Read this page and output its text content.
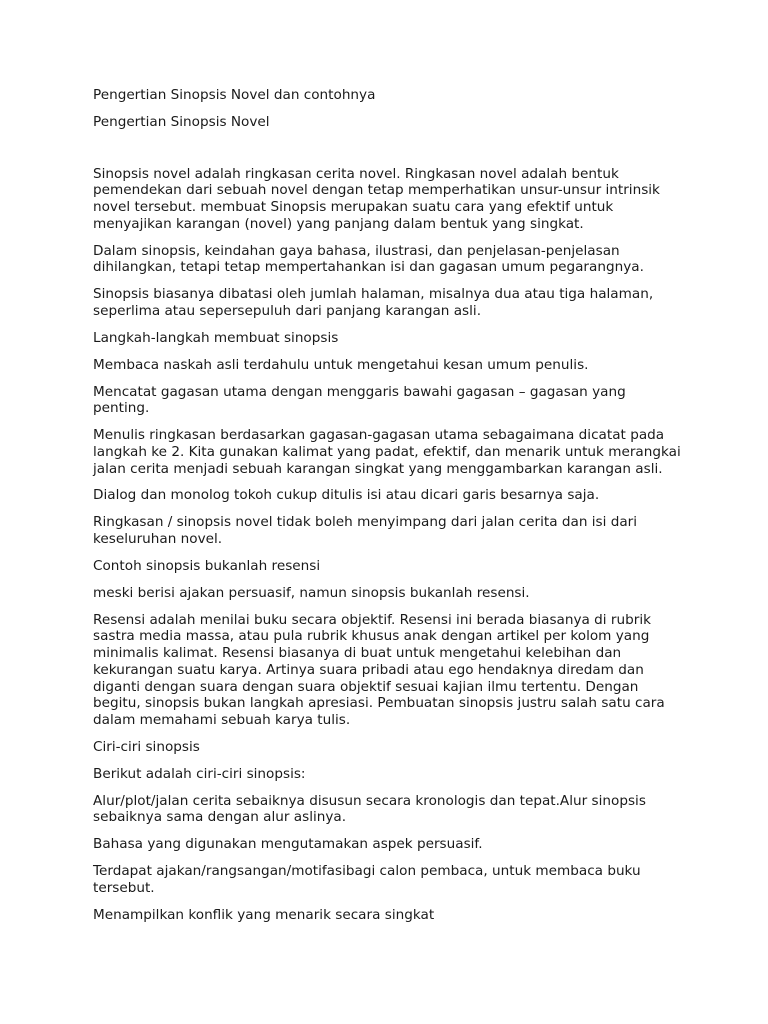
Pengertian Sinopsis Novel dan contohnya

Pengertian Sinopsis Novel

Sinopsis novel adalah ringkasan cerita novel. Ringkasan novel adalah bentuk pemendekan dari sebuah novel dengan tetap memperhatikan unsur-unsur intrinsik novel tersebut. membuat Sinopsis merupakan suatu cara yang efektif untuk menyajikan karangan (novel) yang panjang dalam bentuk yang singkat.

Dalam sinopsis, keindahan gaya bahasa, ilustrasi, dan penjelasan-penjelasan dihilangkan, tetapi tetap mempertahankan isi dan gagasan umum pegarangnya.

Sinopsis biasanya dibatasi oleh jumlah halaman, misalnya dua atau tiga halaman, seperlima atau sepersepuluh dari panjang karangan asli.

Langkah-langkah membuat sinopsis

Membaca naskah asli terdahulu untuk mengetahui kesan umum penulis.

Mencatat gagasan utama dengan menggaris bawahi gagasan – gagasan yang penting.

Menulis ringkasan berdasarkan gagasan-gagasan utama sebagaimana dicatat pada langkah ke 2. Kita gunakan kalimat yang padat, efektif, dan menarik untuk merangkai jalan cerita menjadi sebuah karangan singkat yang menggambarkan karangan asli.

Dialog dan monolog tokoh cukup ditulis isi atau dicari garis besarnya saja.

Ringkasan / sinopsis novel tidak boleh menyimpang dari jalan cerita dan isi dari keseluruhan novel.

Contoh sinopsis bukanlah resensi

meski berisi ajakan persuasif, namun sinopsis bukanlah resensi.

Resensi adalah menilai buku secara objektif. Resensi ini berada biasanya di rubrik sastra media massa, atau pula rubrik khusus anak dengan artikel per kolom yang minimalis kalimat. Resensi biasanya di buat untuk mengetahui kelebihan dan kekurangan suatu karya. Artinya suara pribadi atau ego hendaknya diredam dan diganti dengan suara dengan suara objektif sesuai kajian ilmu tertentu. Dengan begitu, sinopsis bukan langkah apresiasi. Pembuatan sinopsis justru salah satu cara dalam memahami sebuah karya tulis.

Ciri-ciri sinopsis

Berikut adalah ciri-ciri sinopsis:

Alur/plot/jalan cerita sebaiknya disusun secara kronologis dan tepat.Alur sinopsis sebaiknya sama dengan alur aslinya.

Bahasa yang digunakan mengutamakan aspek persuasif.

Terdapat ajakan/rangsangan/motifasibagi calon pembaca, untuk membaca buku tersebut.

Menampilkan konflik yang menarik secara singkat
